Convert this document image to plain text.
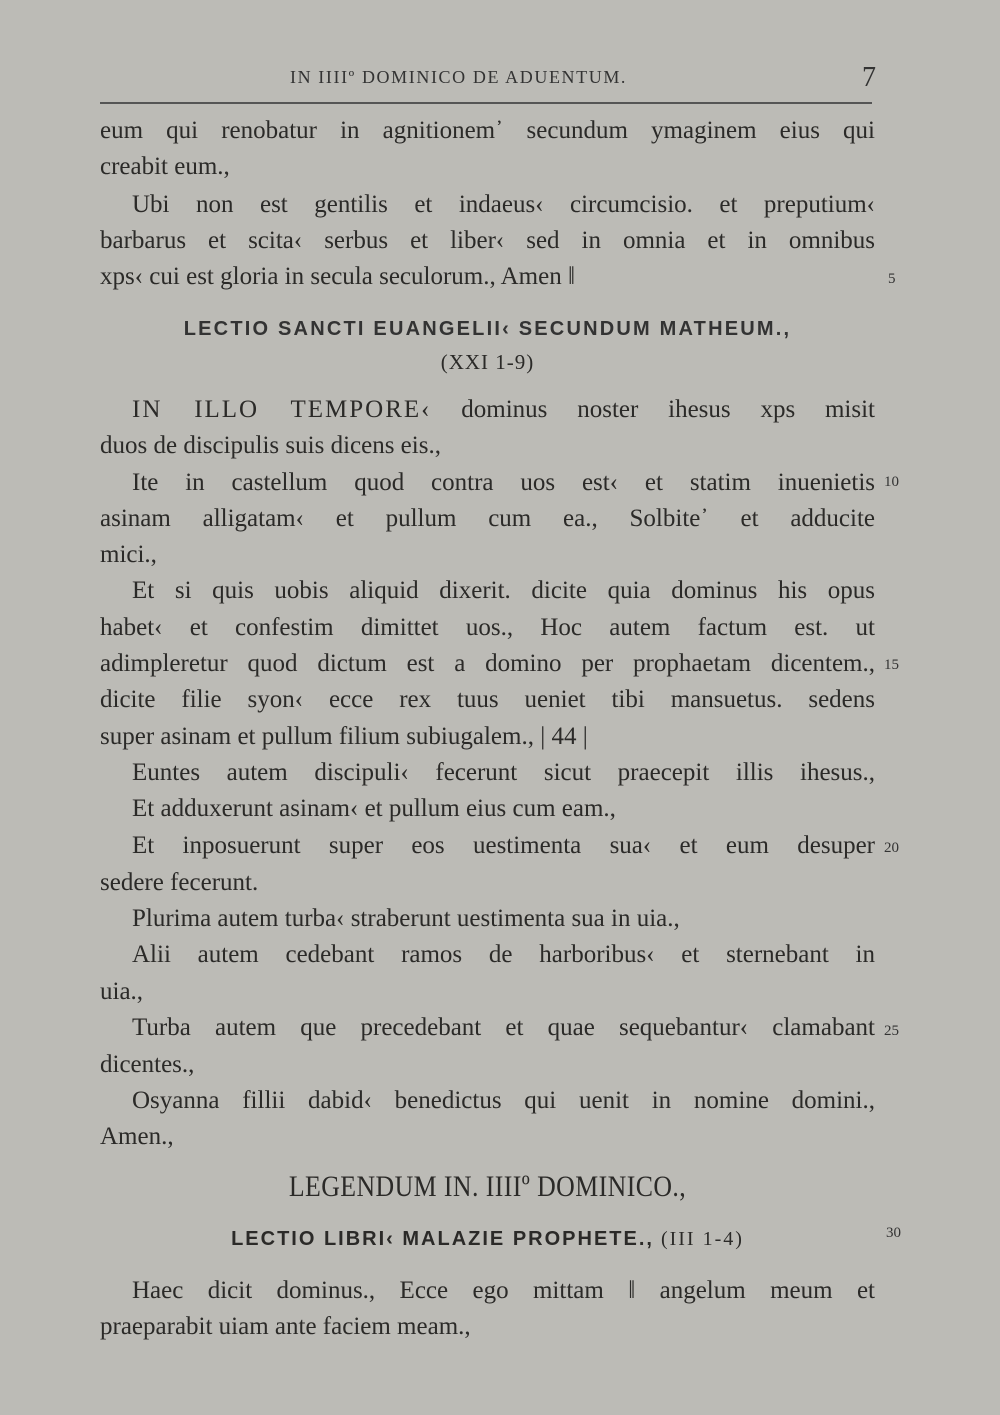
IN IIIIº DOMINICO DE ADUENTUM.	7
eum qui renobatur in agnitionem᾿ secundum ymaginem eius qui
creabit eum.,
Ubi non est gentilis et indaeus‹ circumcisio. et preputium‹
barbarus et scita‹ serbus et liber‹ sed in omnia et in omnibus
xps‹ cui est gloria in secula seculorum., Amen ‖
LECTIO SANCTI EUANGELII‹ SECUNDUM MATHEUM.,
(XXI 1-9)
IN ILLO TEMPORE‹ dominus noster ihesus xps misit
duos de discipulis suis dicens eis.,
Ite in castellum quod contra uos est‹ et statim inuenietis
asinam alligatam‹ et pullum cum ea., Solbite᾿ et adducite
mici.,
Et si quis uobis aliquid dixerit. dicite quia dominus his opus
habet‹ et confestim dimittet uos., Hoc autem factum est. ut
adimpleretur quod dictum est a domino per prophaetam dicentem.,
dicite filie syon‹ ecce rex tuus ueniet tibi mansuetus. sedens
super asinam et pullum filium subiugalem., | 44 |
Euntes autem discipuli‹ fecerunt sicut praecepit illis ihesus.,
Et adduxerunt asinam‹ et pullum eius cum eam.,
Et inposuerunt super eos uestimenta sua‹ et eum desuper
sedere fecerunt.
Plurima autem turba‹ straberunt uestimenta sua in uia.,
Alii autem cedebant ramos de harboribus‹ et sternebant in
uia.,
Turba autem que precedebant et quae sequebantur‹ clamabant
dicentes.,
Osyanna fillii dabid‹ benedictus qui uenit in nomine domini.,
Amen.,
LEGENDUM IN. IIIIº DOMINICO.,
LECTIO LIBRI‹ MALAZIE PROPHETE., (III 1-4)
Haec dicit dominus., Ecce ego mittam ‖ angelum meum et
praeparabit uiam ante faciem meam.,
5
10
15
20
25
30
